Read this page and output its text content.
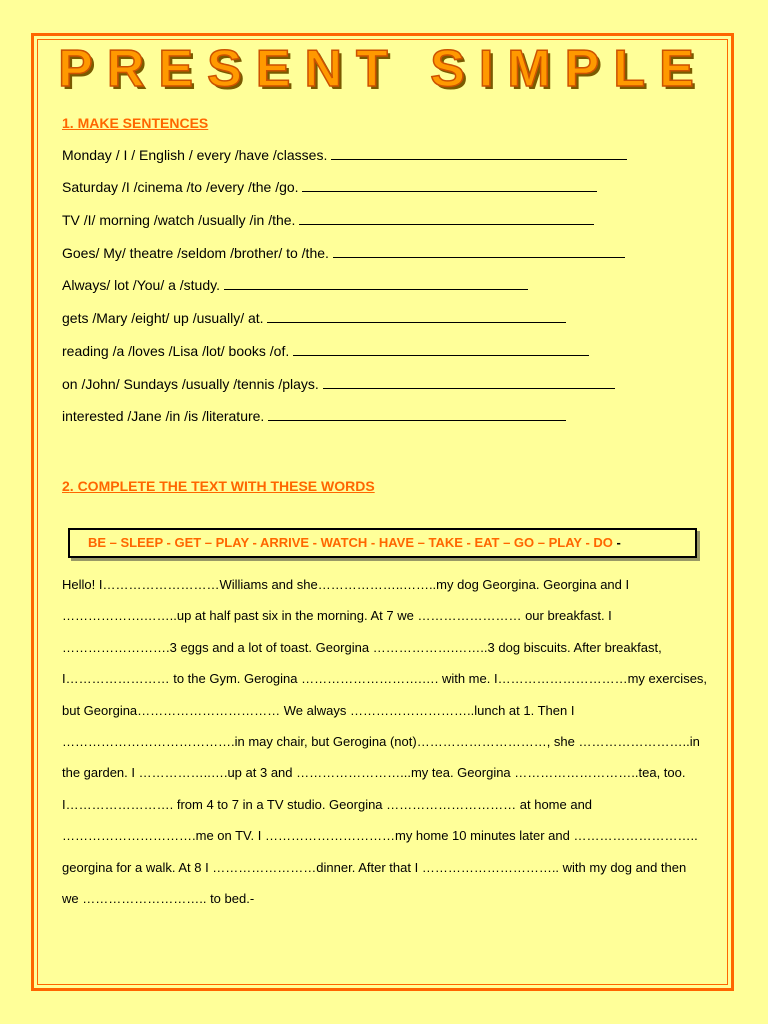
PRESENT SIMPLE
1. MAKE SENTENCES
Monday / I / English / every /have /classes.
Saturday /I /cinema /to /every /the /go.
TV /I/ morning /watch /usually /in /the.
Goes/ My/ theatre /seldom /brother/ to /the.
Always/ lot /You/ a /study.
gets /Mary /eight/ up /usually/ at.
reading /a /loves /Lisa /lot/ books /of.
on /John/ Sundays /usually /tennis /plays.
interested /Jane /in /is /literature.
2. COMPLETE THE TEXT WITH THESE WORDS
BE – SLEEP - GET – PLAY - ARRIVE - WATCH - HAVE – TAKE - EAT – GO – PLAY - DO -
Hello! I………………………Williams and she………………..……..my dog Georgina. Georgina and I
……………….……..up at half past six in the morning. At 7 we …………………… our breakfast. I
…………………….3 eggs and a lot of toast. Georgina ……………….……..3 dog biscuits. After breakfast,
I…………………… to the Gym. Gerogina ……………………….…. with me. I…………………………my exercises,
but Georgina…………………………… We always ………………………..lunch at 1. Then I
………………………………….in may chair, but Gerogina (not)…………………………, she ……………………..in
the garden. I ……………..….up at 3 and ……………………...my tea. Georgina ………………………..tea, too.
I……………………. from 4 to 7 in a TV studio. Georgina ………………………… at home and
………………………….me on TV. I …………………………my home 10 minutes later and ………………………..
georgina for a walk. At 8 I ……………………dinner. After that I ………………………….. with my dog and then
we ……………………….. to bed.-
